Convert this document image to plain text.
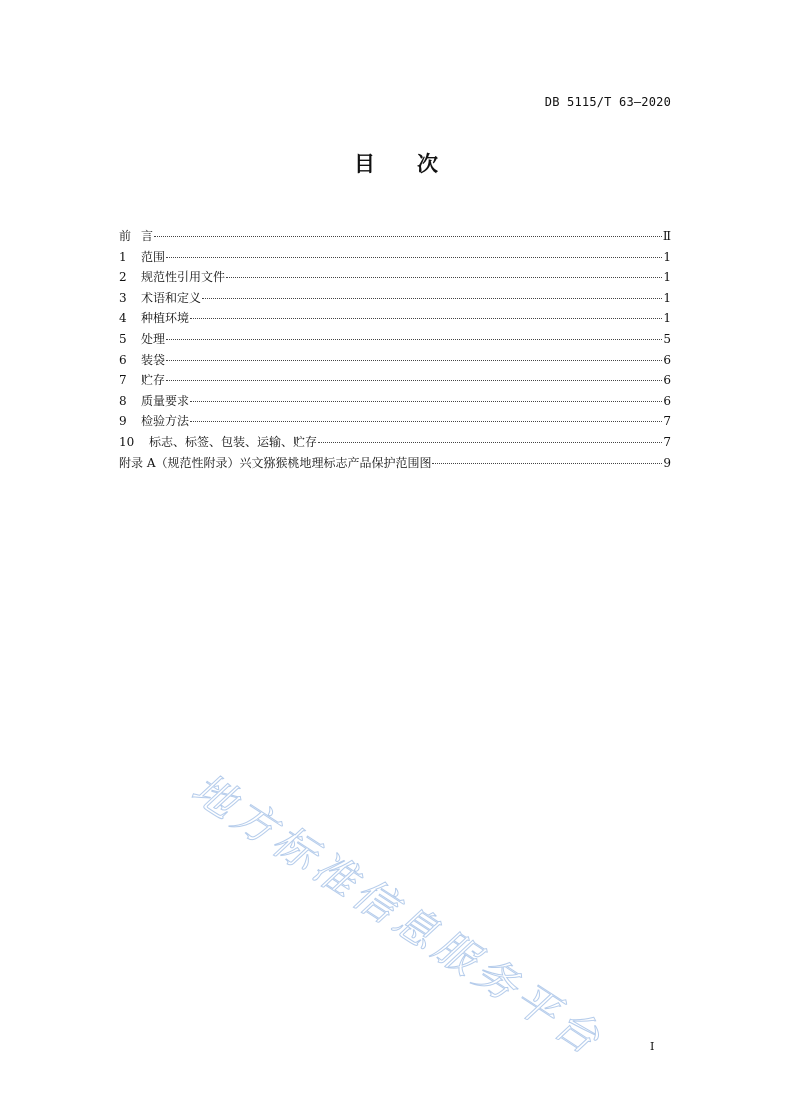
DB 5115/T 63—2020
目 次
前 言	Ⅱ
1	范围	1
2	规范性引用文件	1
3	术语和定义	1
4	种植环境	1
5	处理	5
6	装袋	6
7	贮存	6
8	质量要求	6
9	检验方法	7
10	标志、标签、包装、运输、贮存	7
附录 A（规范性附录）兴文猕猴桃地理标志产品保护范围图	9
地方标准信息服务平台	I
